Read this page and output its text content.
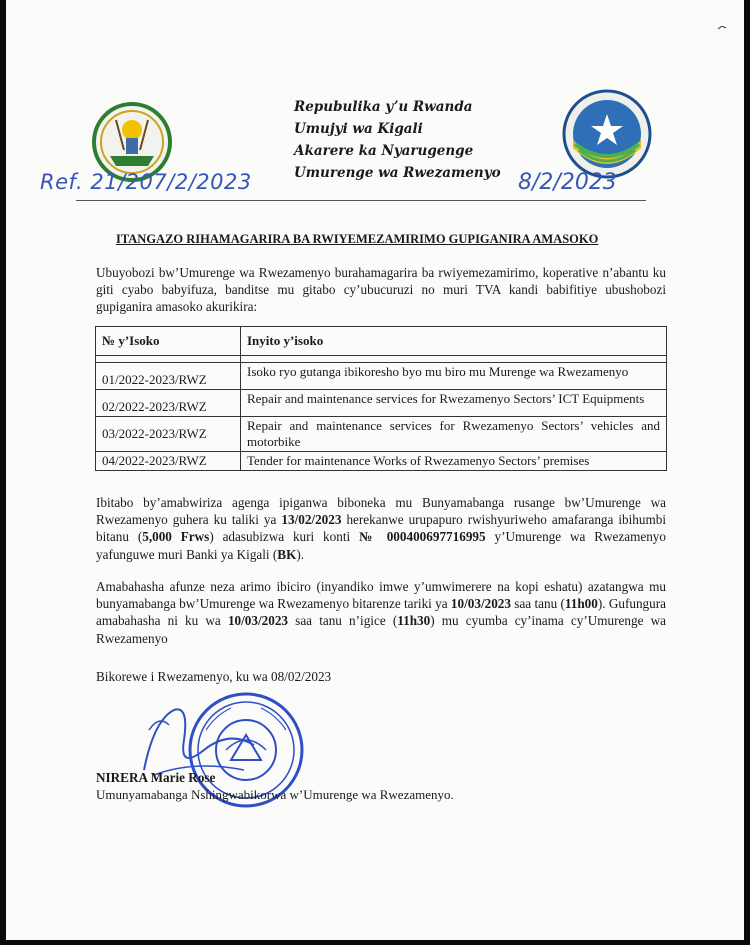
Repubulika y’u Rwanda
Umujyi wa Kigali
Akarere ka Nyarugenge
Umurenge wa Rwezamenyo
Ref. 21/207/2/2023	8/2/2023
ITANGAZO RIHAMAGARIRA BA RWIYEMEZAMIRIMO GUPIGANIRA AMASOKO
Ubuyobozi bw’Umurenge wa Rwezamenyo burahamagarira ba rwiyemezamirimo, koperative n’abantu ku giti cyabo babyifuza, banditse mu gitabo cy’ubucuruzi no muri TVA kandi babifitiye ubushobozi gupiganira amasoko akurikira:
№ y’Isoko	Inyito y’isoko

01/2022-2023/RWZ	Isoko ryo gutanga ibikoresho byo mu biro mu Murenge wa Rwezamenyo
02/2022-2023/RWZ	Repair and maintenance services for Rwezamenyo Sectors’ ICT Equipments
03/2022-2023/RWZ	Repair and maintenance services for Rwezamenyo Sectors’ vehicles and motorbike
04/2022-2023/RWZ	Tender for maintenance Works of Rwezamenyo Sectors’ premises
Ibitabo by’amabwiriza agenga ipiganwa biboneka mu Bunyamabanga rusange bw’Umurenge wa Rwezamenyo guhera ku taliki ya 13/02/2023 herekanwe urupapuro rwishyuriweho amafaranga ibihumbi bitanu (5,000 Frws) adasubizwa kuri konti № 000400697716995 y’Umurenge wa Rwezamenyo yafunguwe muri Banki ya Kigali (BK).
Amabahasha afunze neza arimo ibiciro (inyandiko imwe y’umwimerere na kopi eshatu) azatangwa mu bunyamabanga bw’Umurenge wa Rwezamenyo bitarenze tariki ya 10/03/2023 saa tanu (11h00). Gufungura amabahasha ni ku wa 10/03/2023 saa tanu n’igice (11h30) mu cyumba cy’inama cy’Umurenge wa Rwezamenyo
Bikorewe i Rwezamenyo, ku wa 08/02/2023
NIRERA Marie Rose
Umunyamabanga Nshingwabikorwa w’Umurenge wa Rwezamenyo.
